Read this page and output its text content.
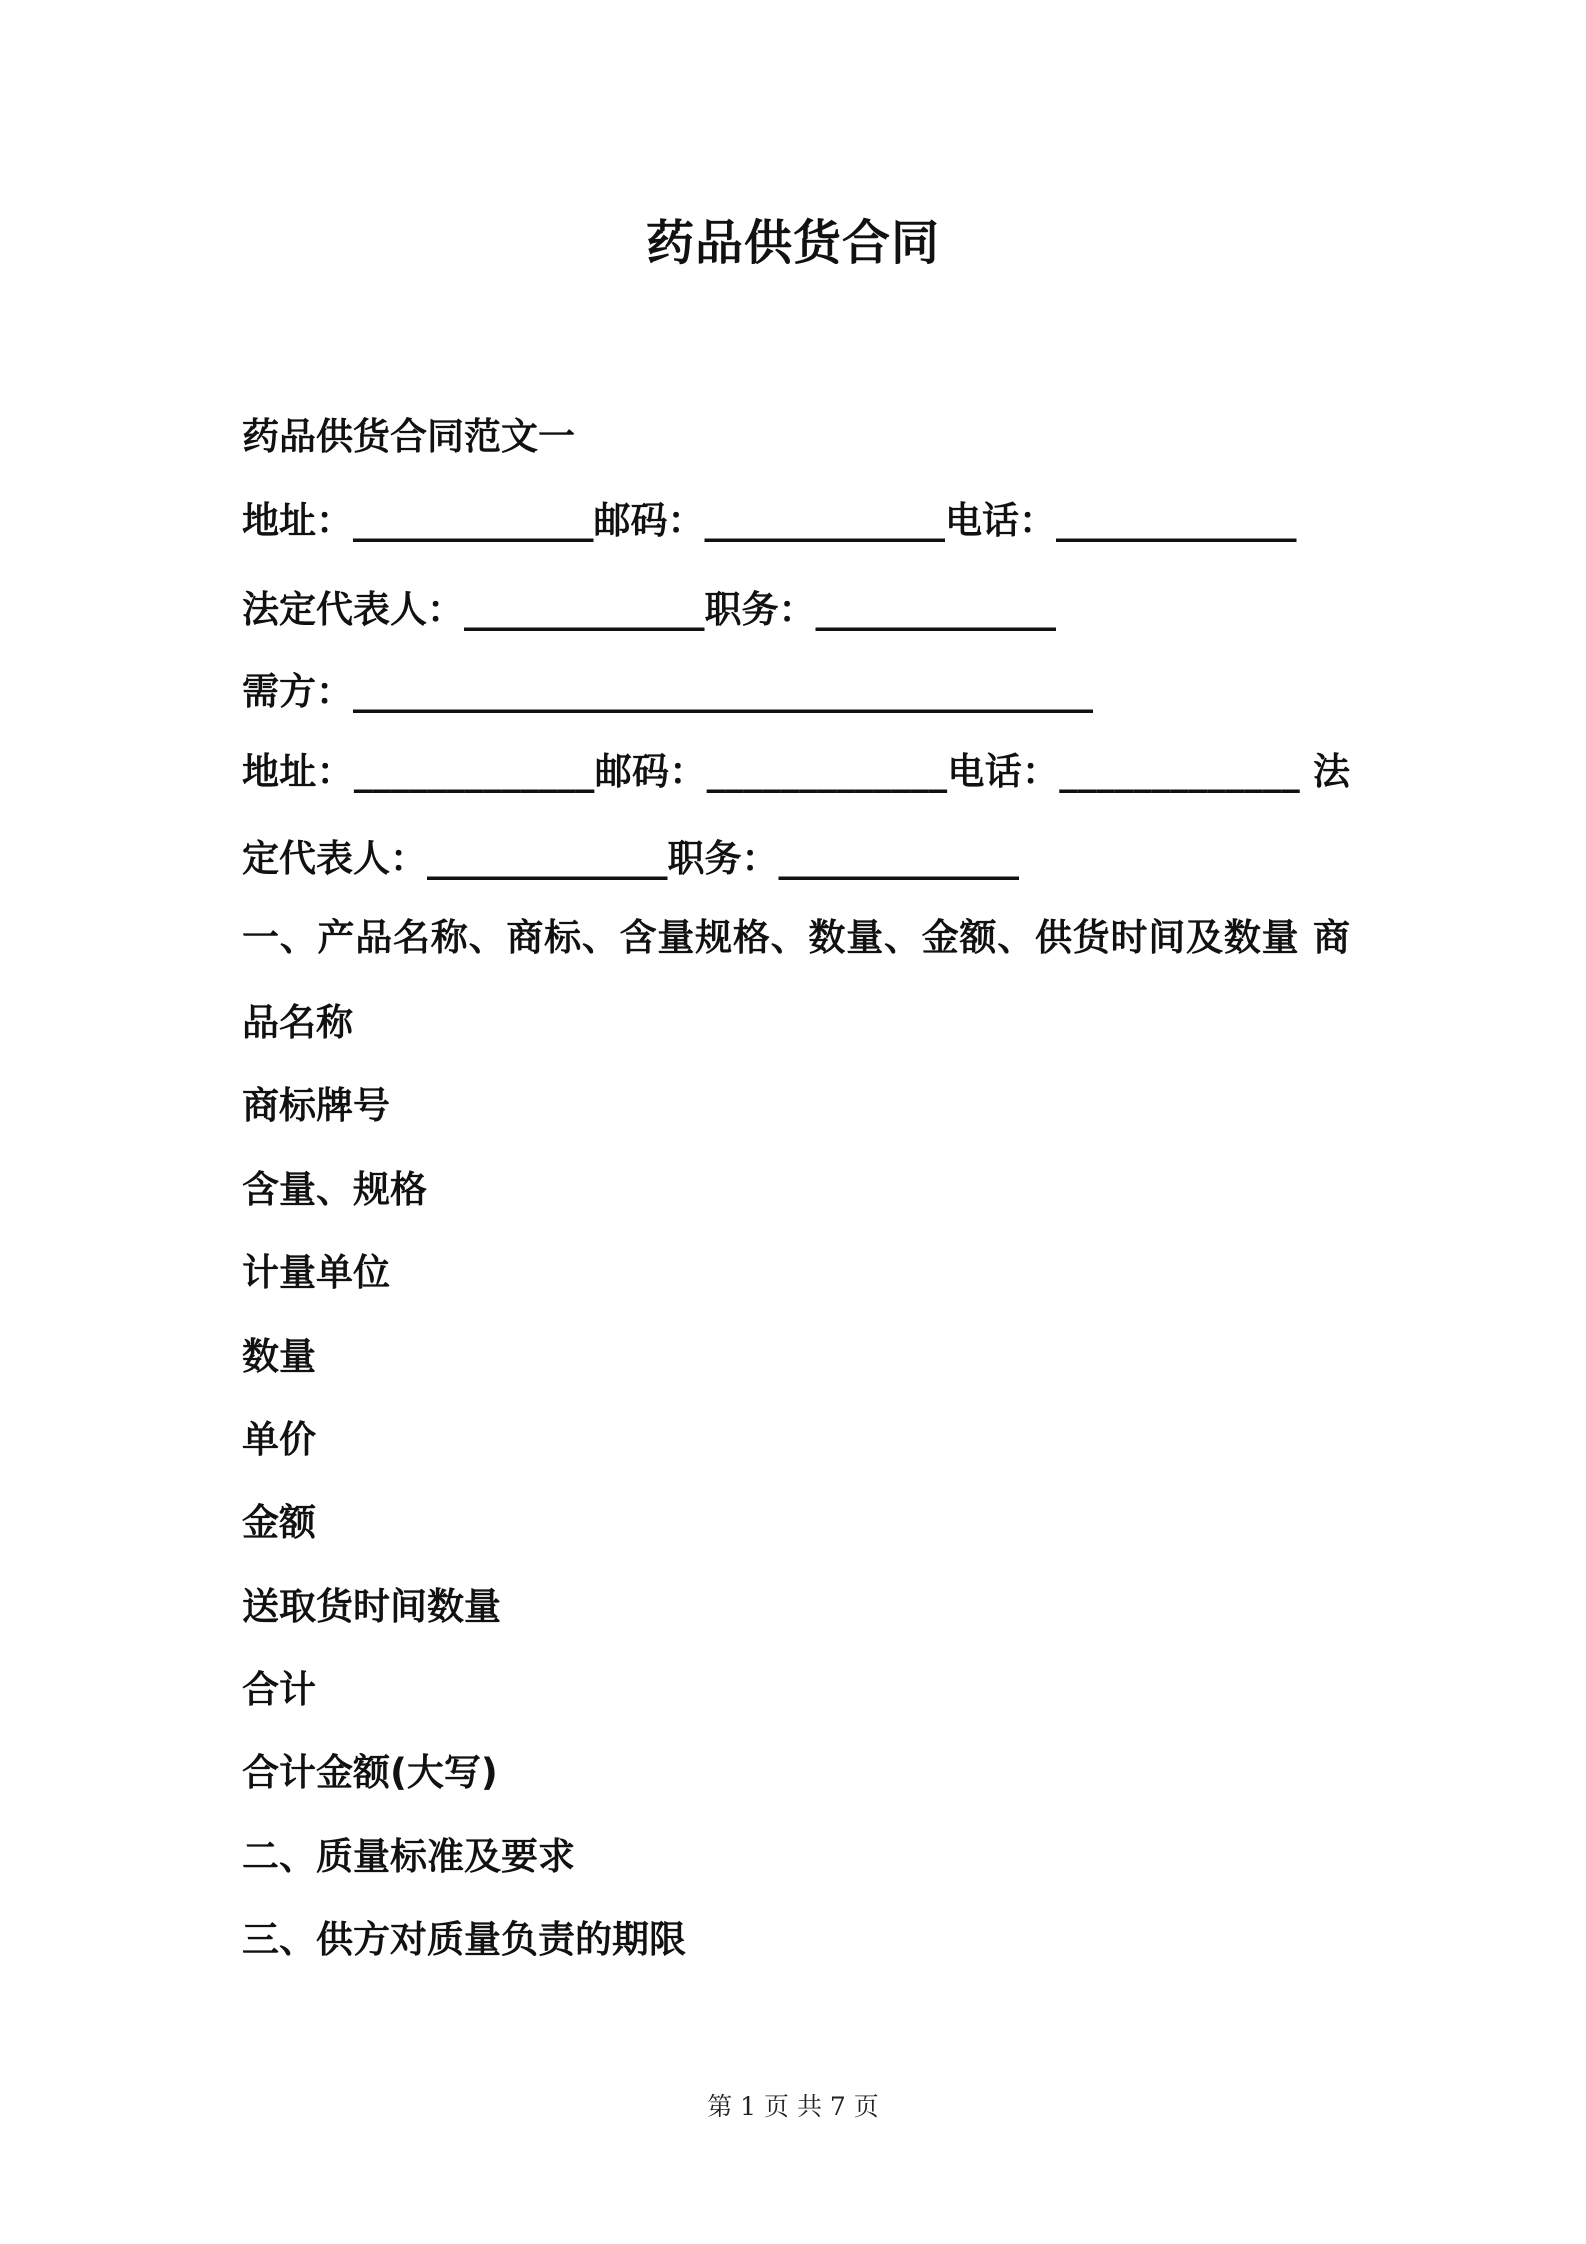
药品供货合同
药品供货合同范文一
地址：_____________邮码：_____________电话：_____________
法定代表人：_____________职务：_____________
需方：________________________________________
地址：_____________邮码：_____________电话：_____________ 法
定代表人：_____________职务：_____________
一、产品名称、商标、含量规格、数量、金额、供货时间及数量 商
品名称
商标牌号
含量、规格
计量单位
数量
单价
金额
送取货时间数量
合计
合计金额(大写)
二、质量标准及要求
三、供方对质量负责的期限
第 1 页 共 7 页
